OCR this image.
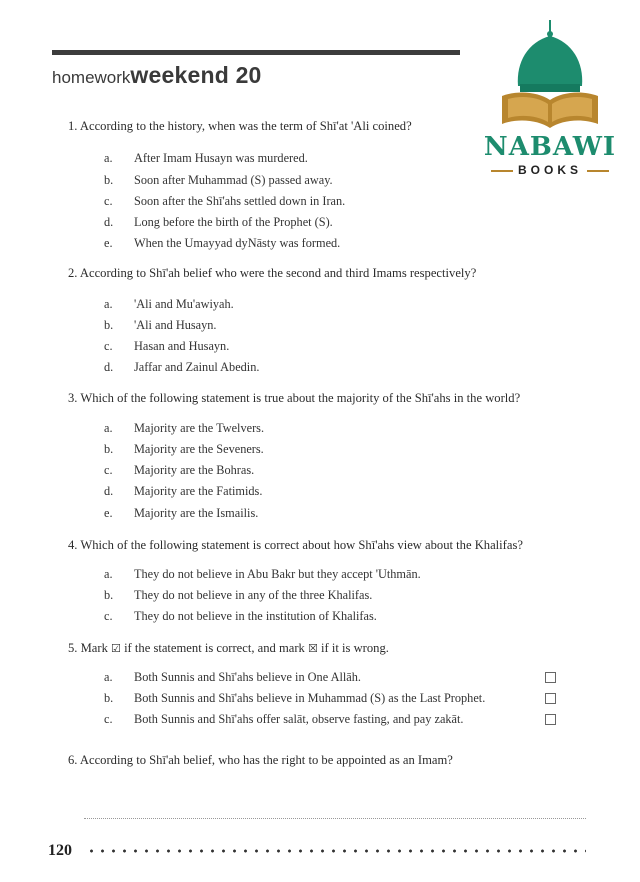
homeworkweekend 20
NABAWI
BOOKS
1. According to the history, when was the term of Shī'at 'Ali coined?
a. After Imam Husayn was murdered.
b. Soon after Muhammad (S) passed away.
c. Soon after the Shī'ahs settled down in Iran.
d. Long before the birth of the Prophet (S).
e. When the Umayyad dyNāsty was formed.
2. According to Shī'ah belief who were the second and third Imams respectively?
a. 'Ali and Mu'awiyah.
b. 'Ali and Husayn.
c. Hasan and Husayn.
d. Jaffar and Zainul Abedin.
3. Which of the following statement is true about the majority of the Shī'ahs in the world?
a. Majority are the Twelvers.
b. Majority are the Seveners.
c. Majority are the Bohras.
d. Majority are the Fatimids.
e. Majority are the Ismailis.
4. Which of the following statement is correct about how Shī'ahs view about the Khalifas?
a. They do not believe in Abu Bakr but they accept 'Uthmān.
b. They do not believe in any of the three Khalifas.
c. They do not believe in the institution of Khalifas.
5. Mark ☑ if the statement is correct, and mark ☒ if it is wrong.
a. Both Sunnis and Shī'ahs believe in One Allāh.
b. Both Sunnis and Shī'ahs believe in Muhammad (S) as the Last Prophet.
c. Both Sunnis and Shī'ahs offer salāt, observe fasting, and pay zakāt.
6. According to Shī'ah belief, who has the right to be appointed as an Imam?
120
